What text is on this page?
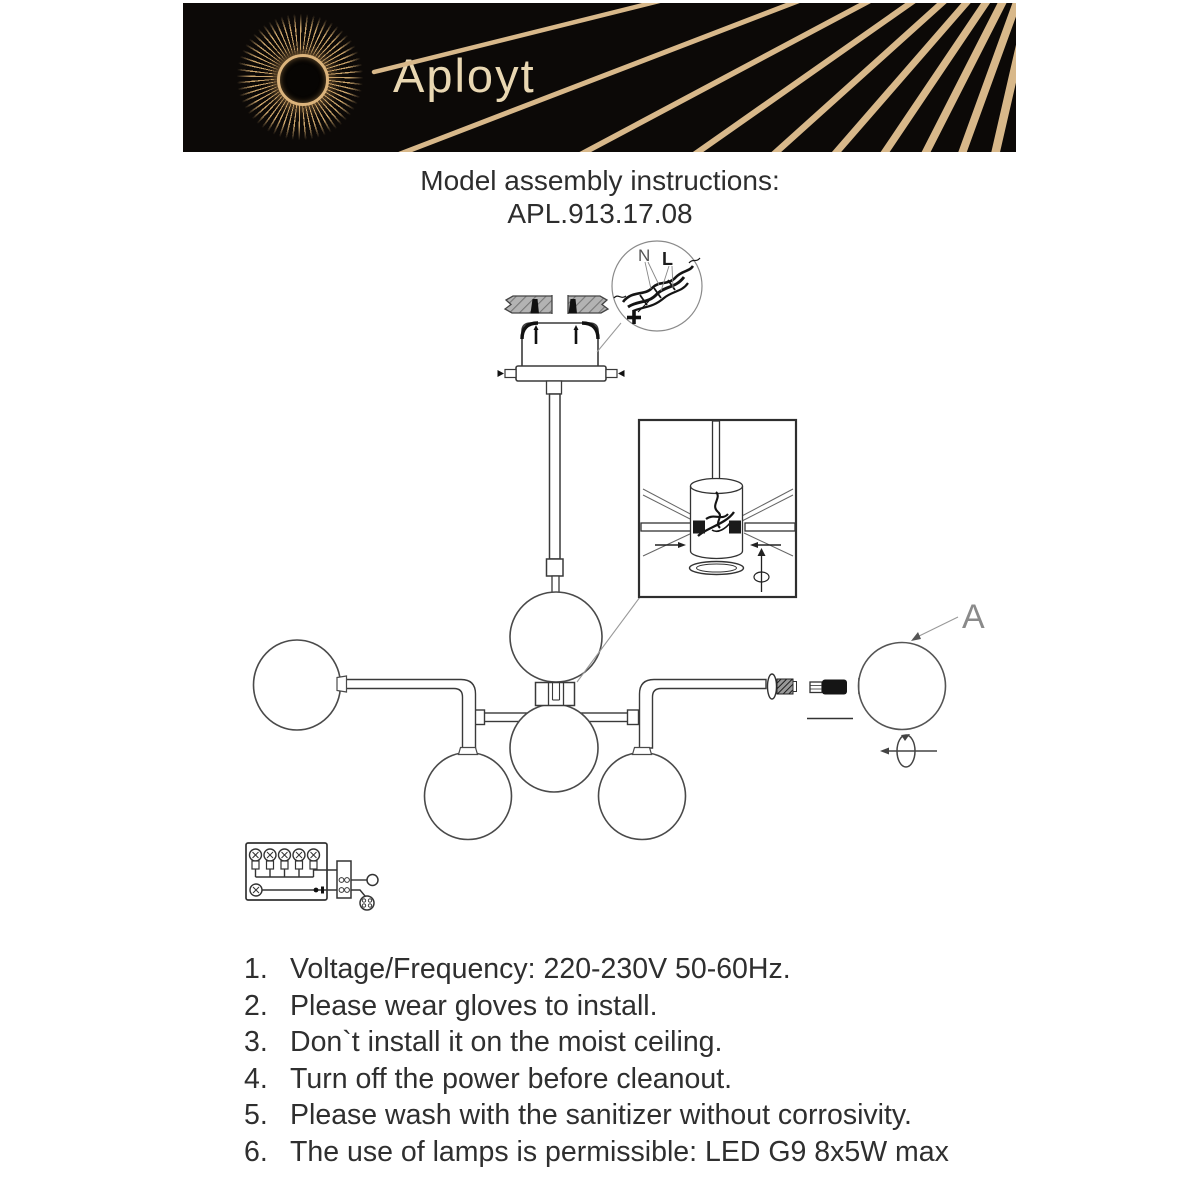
Aployt
Model assembly instructions:
APL.913.17.08
N L
A
1. Voltage/Frequency: 220-230V 50-60Hz.
2. Please wear gloves to install.
3. Don`t install it on the moist ceiling.
4. Turn off the power before cleanout.
5. Please wash with the sanitizer without corrosivity.
6. The use of lamps is permissible: LED G9 8x5W max
